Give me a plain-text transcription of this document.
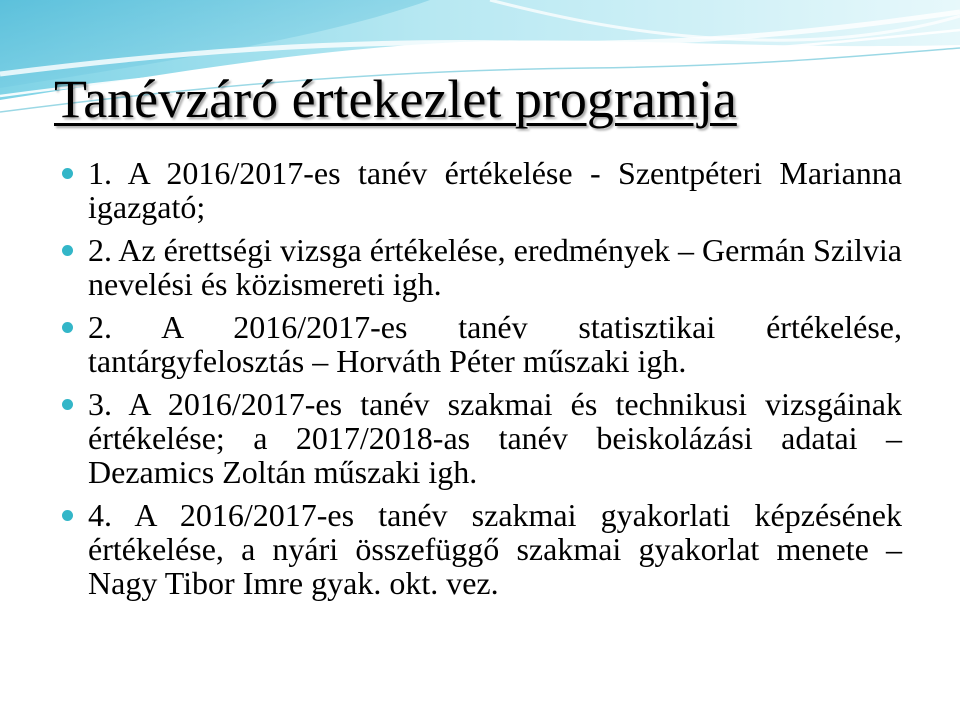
Tanévzáró értekezlet programja
1. A 2016/2017-es tanév értékelése - Szentpéteri Marianna igazgató;
2. Az érettségi vizsga értékelése, eredmények – Germán Szilvia nevelési és közismereti igh.
2. A 2016/2017-es tanév statisztikai értékelése, tantárgyfelosztás – Horváth Péter műszaki igh.
3. A 2016/2017-es tanév szakmai és technikusi vizsgáinak értékelése; a 2017/2018-as tanév beiskolázási adatai – Dezamics Zoltán műszaki igh.
4. A 2016/2017-es tanév szakmai gyakorlati képzésének értékelése, a nyári összefüggő szakmai gyakorlat menete – Nagy Tibor Imre gyak. okt. vez.
